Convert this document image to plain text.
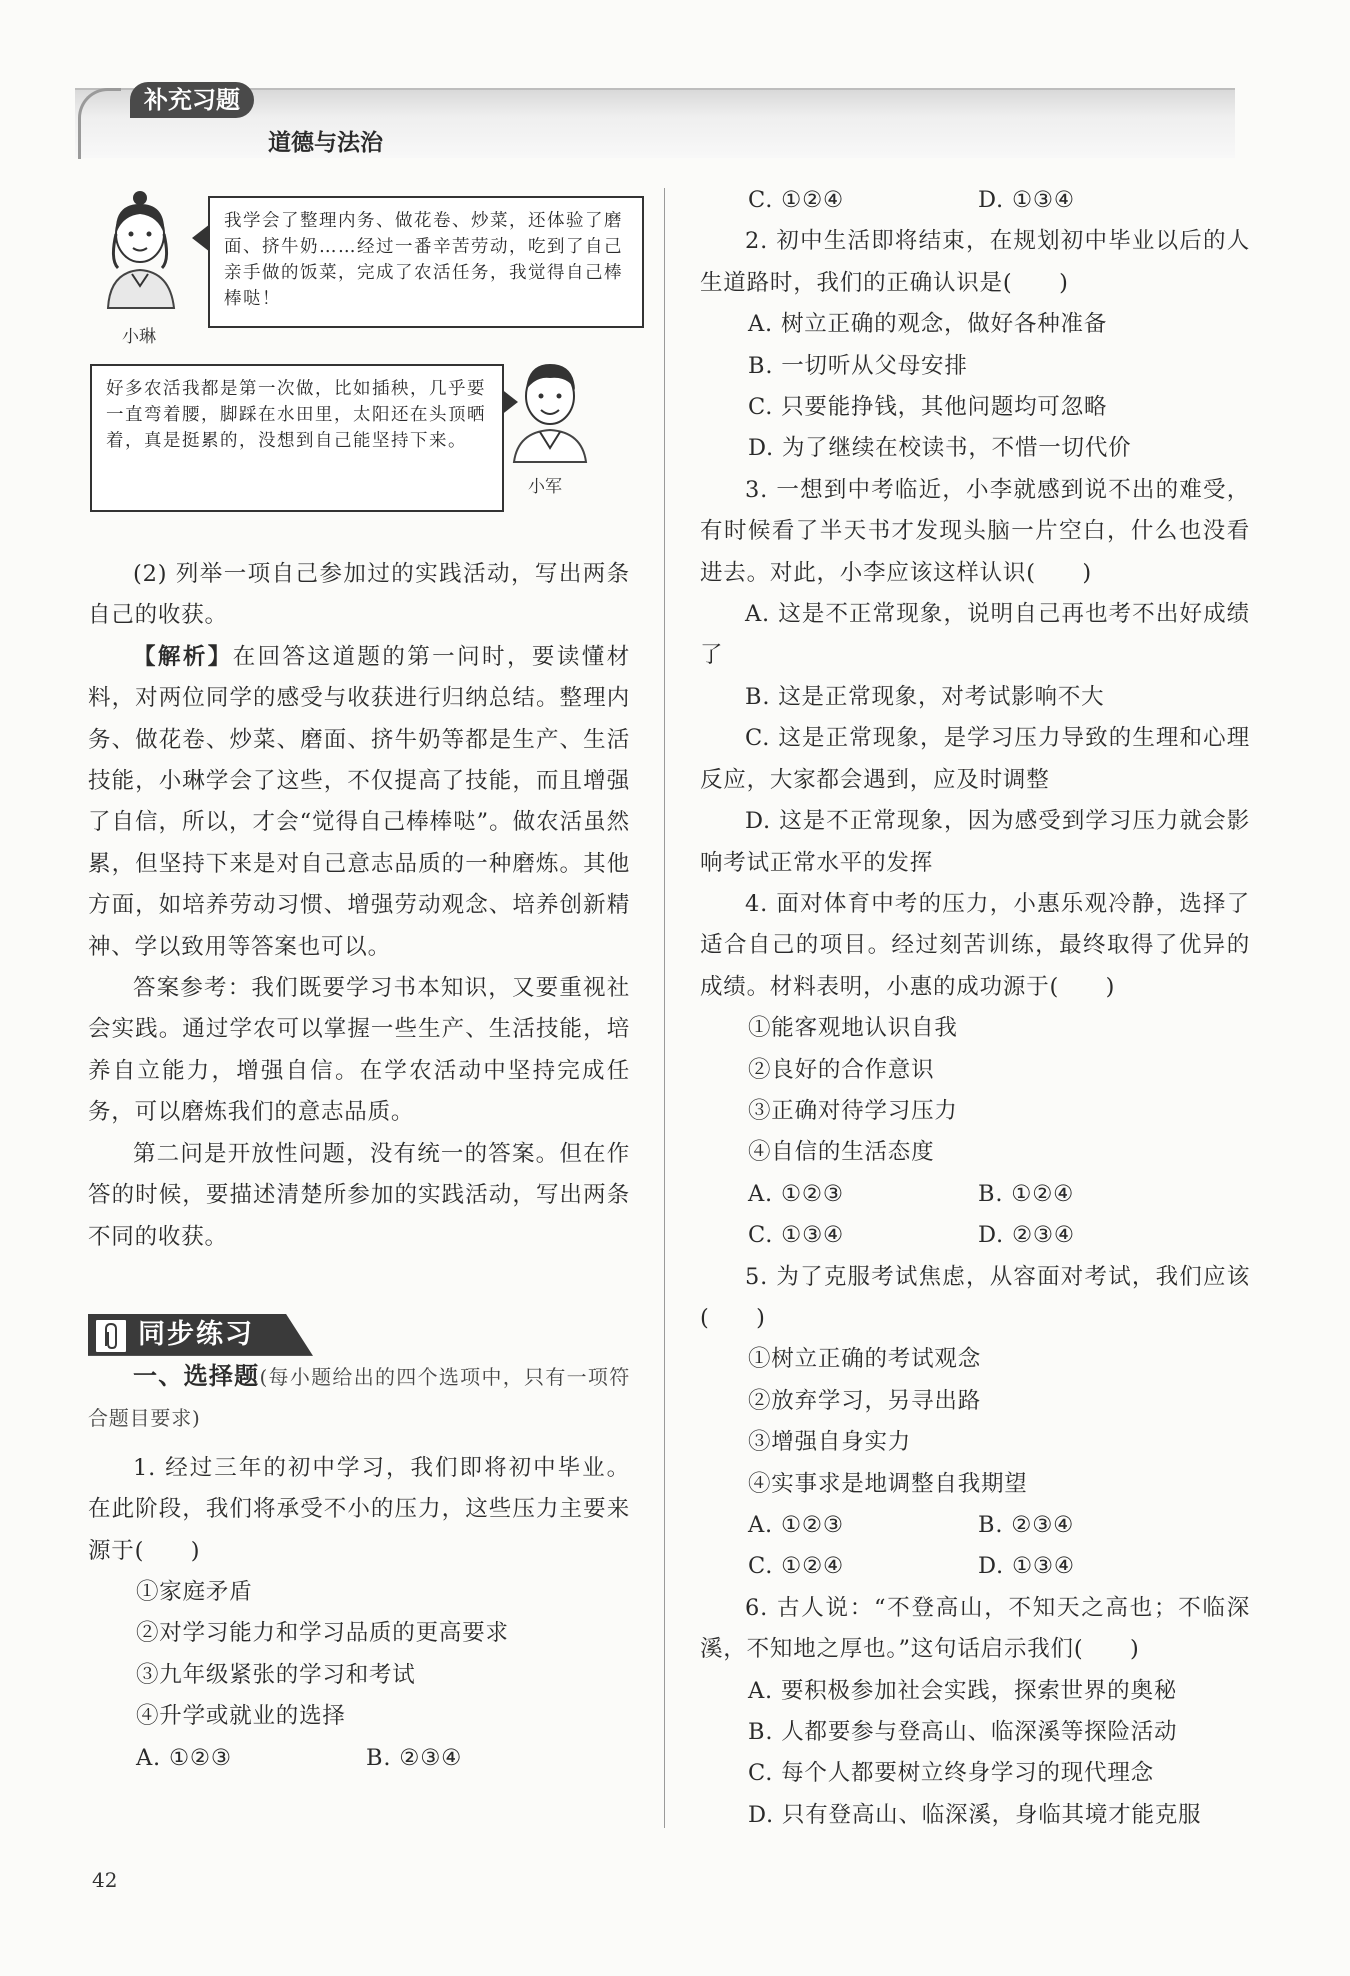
补充习题
道德与法治
小琳
我学会了整理内务、做花卷、炒菜，还体验了磨面、挤牛奶……经过一番辛苦劳动，吃到了自己亲手做的饭菜，完成了农活任务，我觉得自己棒棒哒！
好多农活我都是第一次做，比如插秧，几乎要一直弯着腰，脚踩在水田里，太阳还在头顶晒着，真是挺累的，没想到自己能坚持下来。
小军

(2) 列举一项自己参加过的实践活动，写出两条自己的收获。

【解析】在回答这道题的第一问时，要读懂材料，对两位同学的感受与收获进行归纳总结。整理内务、做花卷、炒菜、磨面、挤牛奶等都是生产、生活技能，小琳学会了这些，不仅提高了技能，而且增强了自信，所以，才会“觉得自己棒棒哒”。做农活虽然累，但坚持下来是对自己意志品质的一种磨炼。其他方面，如培养劳动习惯、增强劳动观念、培养创新精神、学以致用等答案也可以。

答案参考：我们既要学习书本知识，又要重视社会实践。通过学农可以掌握一些生产、生活技能，培养自立能力，增强自信。在学农活动中坚持完成任务，可以磨炼我们的意志品质。

第二问是开放性问题，没有统一的答案。但在作答的时候，要描述清楚所参加的实践活动，写出两条不同的收获。

同步练习

一、选择题(每小题给出的四个选项中，只有一项符合题目要求)

1. 经过三年的初中学习，我们即将初中毕业。在此阶段，我们将承受不小的压力，这些压力主要来源于(　　)

①家庭矛盾

②对学习能力和学习品质的更高要求

③九年级紧张的学习和考试

④升学或就业的选择

A. ①②③	B. ②③④
C. ①②④	D. ①③④

2. 初中生活即将结束，在规划初中毕业以后的人生道路时，我们的正确认识是(　　)

A. 树立正确的观念，做好各种准备

B. 一切听从父母安排

C. 只要能挣钱，其他问题均可忽略

D. 为了继续在校读书，不惜一切代价

3. 一想到中考临近，小李就感到说不出的难受，有时候看了半天书才发现头脑一片空白，什么也没看进去。对此，小李应该这样认识(　　)

A. 这是不正常现象，说明自己再也考不出好成绩了

B. 这是正常现象，对考试影响不大

C. 这是正常现象，是学习压力导致的生理和心理反应，大家都会遇到，应及时调整

D. 这是不正常现象，因为感受到学习压力就会影响考试正常水平的发挥

4. 面对体育中考的压力，小惠乐观冷静，选择了适合自己的项目。经过刻苦训练，最终取得了优异的成绩。材料表明，小惠的成功源于(　　)

①能客观地认识自我

②良好的合作意识

③正确对待学习压力

④自信的生活态度

A. ①②③	B. ①②④
C. ①③④	D. ②③④

5. 为了克服考试焦虑，从容面对考试，我们应该(　　)

①树立正确的考试观念

②放弃学习，另寻出路

③增强自身实力

④实事求是地调整自我期望

A. ①②③	B. ②③④
C. ①②④	D. ①③④

6. 古人说：“不登高山，不知天之高也；不临深溪，不知地之厚也。”这句话启示我们(　　)

A. 要积极参加社会实践，探索世界的奥秘

B. 人都要参与登高山、临深溪等探险活动

C. 每个人都要树立终身学习的现代理念

D. 只有登高山、临深溪，身临其境才能克服

42
